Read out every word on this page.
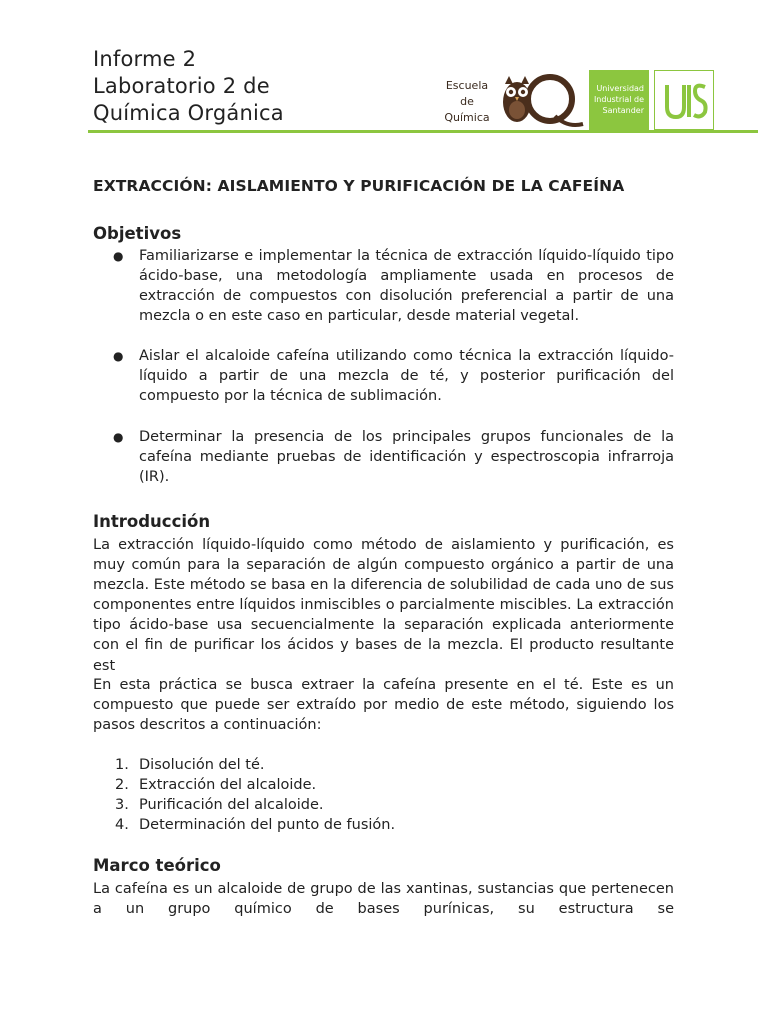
Informe 2
Laboratorio 2 de
Química Orgánica
Escuela
de
Química
Universidad
Industrial de
Santander
EXTRACCIÓN: AISLAMIENTO Y PURIFICACIÓN DE LA CAFEÍNA
Objetivos
● Familiarizarse e implementar la técnica de extracción líquido-líquido tipo ácido-base, una metodología ampliamente usada en procesos de extracción de compuestos con disolución preferencial a partir de una mezcla o en este caso en particular, desde material vegetal.
● Aislar el alcaloide cafeína utilizando como técnica la extracción líquido-líquido a partir de una mezcla de té, y posterior purificación del compuesto por la técnica de sublimación.
● Determinar la presencia de los principales grupos funcionales de la cafeína mediante pruebas de identificación y espectroscopia infrarroja (IR).
Introducción
La extracción líquido-líquido como método de aislamiento y purificación, es muy común para la separación de algún compuesto orgánico a partir de una mezcla. Este método se basa en la diferencia de solubilidad de cada uno de sus componentes entre líquidos inmiscibles o parcialmente miscibles. La extracción tipo ácido-base usa secuencialmente la separación explicada anteriormente con el fin de purificar los ácidos y bases de la mezcla. El producto resultante est
En esta práctica se busca extraer la cafeína presente en el té. Este es un compuesto que puede ser extraído por medio de este método, siguiendo los pasos descritos a continuación:
1. Disolución del té.
2. Extracción del alcaloide.
3. Purificación del alcaloide.
4. Determinación del punto de fusión.
Marco teórico
La cafeína es un alcaloide de grupo de las xantinas, sustancias que pertenecen a un grupo químico de bases purínicas, su estructura se
